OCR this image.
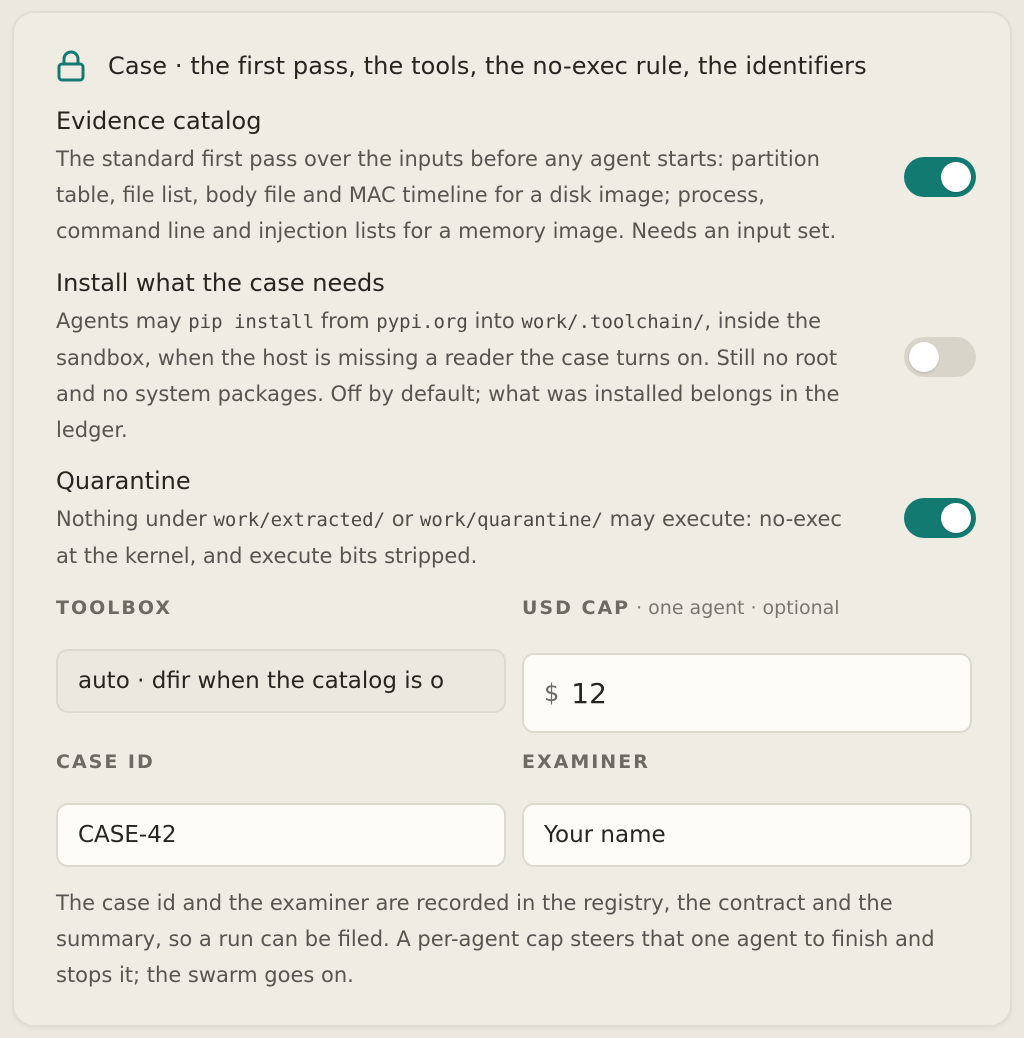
Case · the first pass, the tools, the no-exec rule, the identifiers
Evidence catalog
The standard first pass over the inputs before any agent starts: partition table, file list, body file and MAC timeline for a disk image; process, command line and injection lists for a memory image. Needs an input set.
Install what the case needs
Agents may pip install from pypi.org into work/.toolchain/, inside the sandbox, when the host is missing a reader the case turns on. Still no root and no system packages. Off by default; what was installed belongs in the ledger.
Quarantine
Nothing under work/extracted/ or work/quarantine/ may execute: no-exec at the kernel, and execute bits stripped.
TOOLBOX
auto · dfir when the catalog is o
USD CAP · one agent · optional
$ 12
CASE ID
CASE-42
EXAMINER
Your name
The case id and the examiner are recorded in the registry, the contract and the summary, so a run can be filed. A per-agent cap steers that one agent to finish and stops it; the swarm goes on.
